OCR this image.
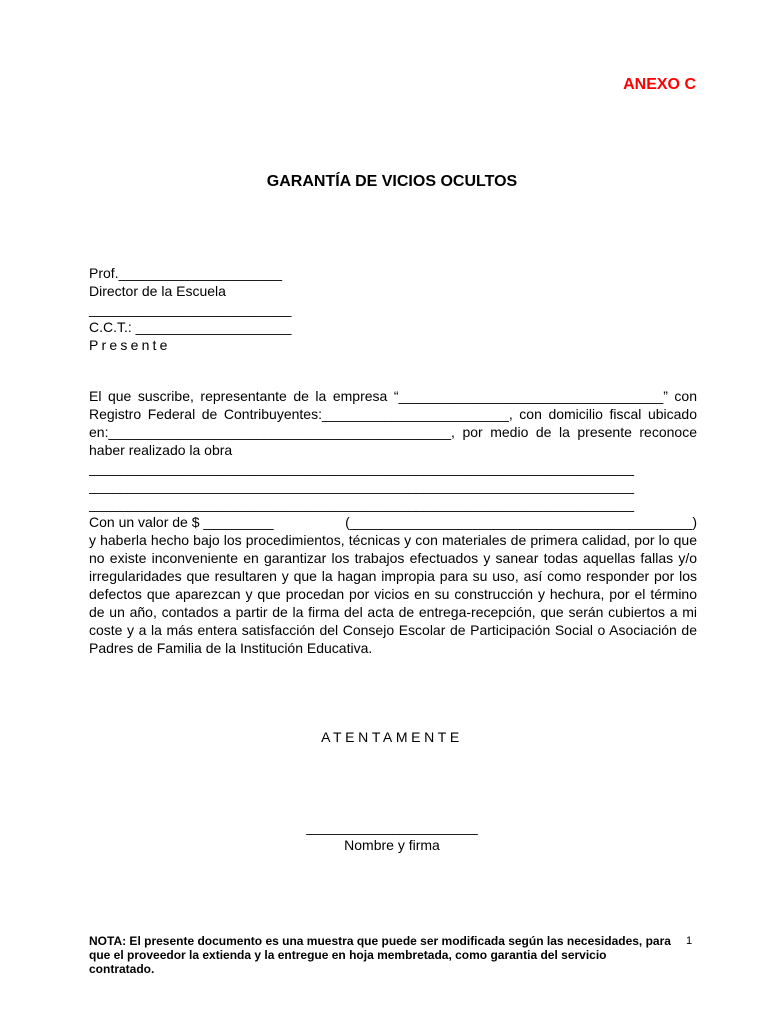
ANEXO C

GARANTÍA DE VICIOS OCULTOS
Prof._____________________
Director de la Escuela
__________________________
C.C.T.: ____________________
Presente

El que suscribe, representante de la empresa “__________________________________” con Registro Federal de Contribuyentes:________________________, con domicilio fiscal ubicado en:____________________________________________, por medio de la presente reconoce haber realizado la obra

______________________________________________________________________
______________________________________________________________________
______________________________________________________________________
Con un valor de $ _________	(____________________________________________)

y haberla hecho bajo los procedimientos, técnicas y con materiales de primera calidad, por lo que no existe inconveniente en garantizar los trabajos efectuados y sanear todas aquellas fallas y/o irregularidades que resultaren y que la hagan impropia para su uso, así como responder por los defectos que aparezcan y que procedan por vicios en su construcción y hechura, por el término de un año, contados a partir de la firma del acta de entrega-recepción, que serán cubiertos a mi coste y a la más entera satisfacción del Consejo Escolar de Participación Social o Asociación de Padres de Familia de la Institución Educativa.

ATENTAMENTE

______________________
Nombre y firma

NOTA: El presente documento es una muestra que puede ser modificada según las necesidades, para que el proveedor la extienda y la entregue en hoja membretada, como garantia del servicio contratado.

1
